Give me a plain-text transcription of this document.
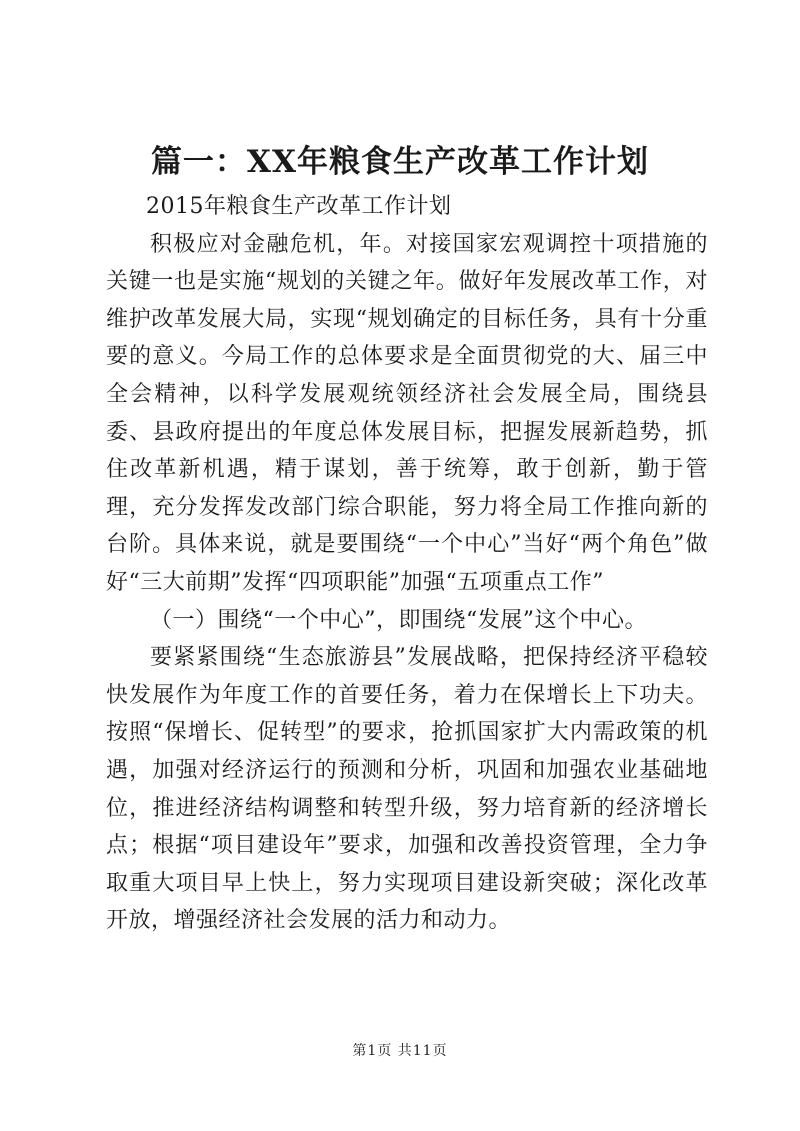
篇一：XX年粮食生产改革工作计划

2015年粮食生产改革工作计划

积极应对金融危机，年。对接国家宏观调控十项措施的关键一也是实施“规划的关键之年。做好年发展改革工作，对维护改革发展大局，实现“规划确定的目标任务，具有十分重要的意义。今局工作的总体要求是全面贯彻党的大、届三中全会精神，以科学发展观统领经济社会发展全局，围绕县委、县政府提出的年度总体发展目标，把握发展新趋势，抓住改革新机遇，精于谋划，善于统筹，敢于创新，勤于管理，充分发挥发改部门综合职能，努力将全局工作推向新的台阶。具体来说，就是要围绕“一个中心”当好“两个角色”做好“三大前期”发挥“四项职能”加强“五项重点工作”

（一）围绕“一个中心”，即围绕“发展”这个中心。

要紧紧围绕“生态旅游县”发展战略，把保持经济平稳较快发展作为年度工作的首要任务，着力在保增长上下功夫。按照“保增长、促转型”的要求，抢抓国家扩大内需政策的机遇，加强对经济运行的预测和分析，巩固和加强农业基础地位，推进经济结构调整和转型升级，努力培育新的经济增长点；根据“项目建设年”要求，加强和改善投资管理，全力争取重大项目早上快上，努力实现项目建设新突破；深化改革开放，增强经济社会发展的活力和动力。

第1页 共11页
